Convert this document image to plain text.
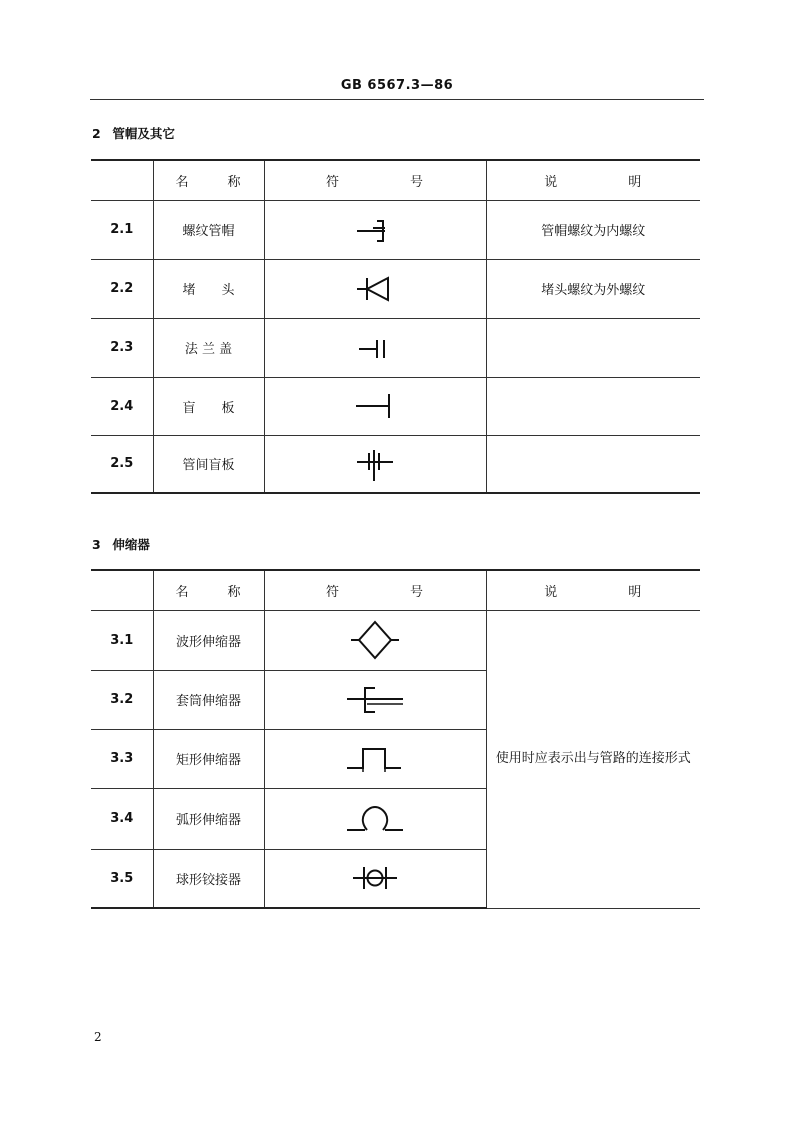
GB 6567.3—86
2 管帽及其它
	名 称	符 号	说 明
2.1	螺纹管帽		管帽螺纹为内螺纹
2.2	堵　　头		堵头螺纹为外螺纹
2.3	法 兰 盖	

2.4	盲　　板	

2.5	管间盲板	

3 伸缩器
	名 称	符 号	说 明
3.1	波形伸缩器		使用时应表示出与管路的连接形式
3.2	套筒伸缩器	

3.3	矩形伸缩器	

3.4	弧形伸缩器	

3.5	球形铰接器	
2
